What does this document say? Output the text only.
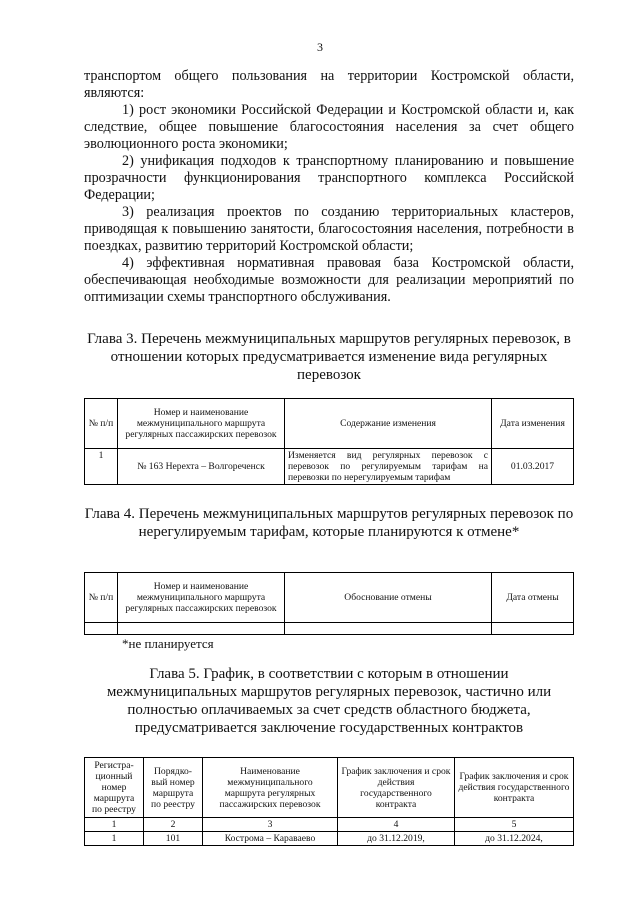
3

транспортом общего пользования на территории Костромской области, являются:

1) рост экономики Российской Федерации и Костромской области и, как следствие, общее повышение благосостояния населения за счет общего эволюционного роста экономики;

2) унификация подходов к транспортному планированию и повышение прозрачности функционирования транспортного комплекса Российской Федерации;

3) реализация проектов по созданию территориальных кластеров, приводящая к повышению занятости, благосостояния населения, потребности в поездках, развитию территорий Костромской области;

4) эффективная нормативная правовая база Костромской области, обеспечивающая необходимые возможности для реализации мероприятий по оптимизации схемы транспортного обслуживания.

Глава 3. Перечень межмуниципальных маршрутов регулярных перевозок, в отношении которых предусматривается изменение вида регулярных перевозок
№ п/п	Номер и наименование межмуниципального маршрута регулярных пассажирских перевозок	Содержание изменения	Дата изменения
1	№ 163 Нерехта – Волгореченск	Изменяется вид регулярных перевозок с перевозок по регулируемым тарифам на перевозки по нерегулируемым тарифам	01.03.2017
Глава 4. Перечень межмуниципальных маршрутов регулярных перевозок по нерегулируемым тарифам, которые планируются к отмене*
№ п/п	Номер и наименование межмуниципального маршрута регулярных пассажирских перевозок	Обоснование отмены	Дата отмены

*не планируется
Глава 5. График, в соответствии с которым в отношении межмуниципальных маршрутов регулярных перевозок, частично или полностью оплачиваемых за счет средств областного бюджета, предусматривается заключение государственных контрактов
Регистра-ционный номер маршрута по реестру	Порядко-вый номер маршрута по реестру	Наименование межмуниципального маршрута регулярных пассажирских перевозок	График заключения и срок действия государственного контракта	График заключения и срок действия государственного контракта
1	2	3	4	5
1	101	Кострома – Караваево	до 31.12.2019,	до 31.12.2024,
